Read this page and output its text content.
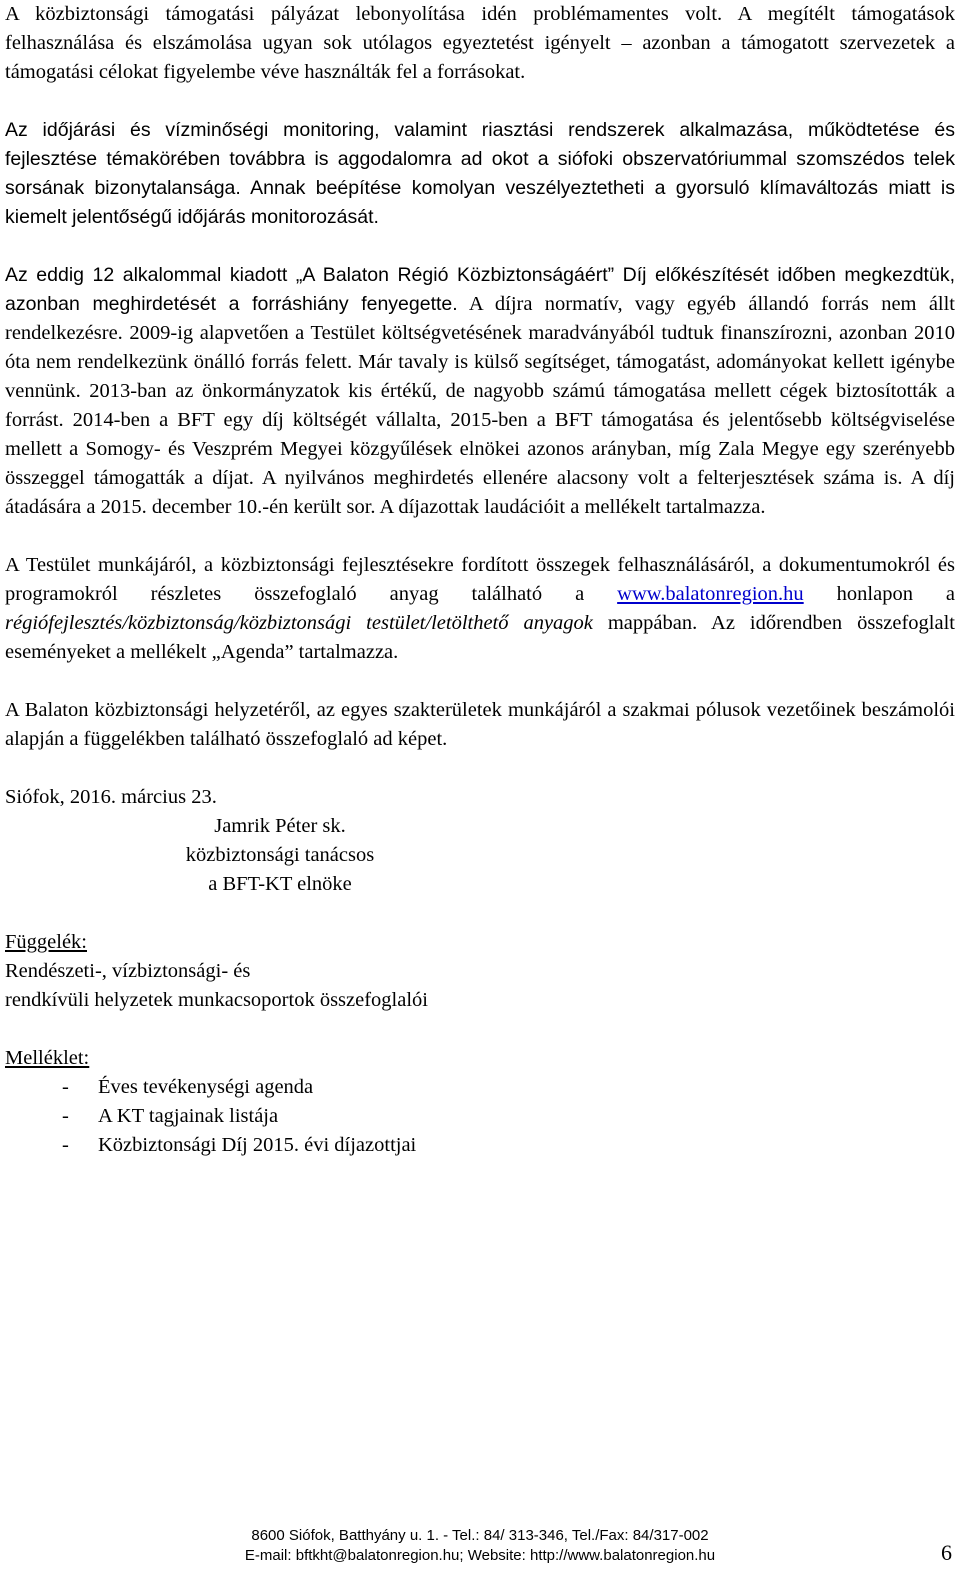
A közbiztonsági támogatási pályázat lebonyolítása idén problémamentes volt. A megítélt támogatások felhasználása és elszámolása ugyan sok utólagos egyeztetést igényelt – azonban a támogatott szervezetek a támogatási célokat figyelembe véve használták fel a forrásokat.

Az időjárási és vízminőségi monitoring, valamint riasztási rendszerek alkalmazása, működtetése és fejlesztése témakörében továbbra is aggodalomra ad okot a siófoki obszervatóriummal szomszédos telek sorsának bizonytalansága. Annak beépítése komolyan veszélyeztetheti a gyorsuló klímaváltozás miatt is kiemelt jelentőségű időjárás monitorozását.

Az eddig 12 alkalommal kiadott „A Balaton Régió Közbiztonságáért” Díj előkészítését időben megkezdtük, azonban meghirdetését a forráshiány fenyegette. A díjra normatív, vagy egyéb állandó forrás nem állt rendelkezésre. 2009-ig alapvetően a Testület költségvetésének maradványából tudtuk finanszírozni, azonban 2010 óta nem rendelkezünk önálló forrás felett. Már tavaly is külső segítséget, támogatást, adományokat kellett igénybe vennünk. 2013-ban az önkormányzatok kis értékű, de nagyobb számú támogatása mellett cégek biztosították a forrást. 2014-ben a BFT egy díj költségét vállalta, 2015-ben a BFT támogatása és jelentősebb költségviselése mellett a Somogy- és Veszprém Megyei közgyűlések elnökei azonos arányban, míg Zala Megye egy szerényebb összeggel támogatták a díjat. A nyilvános meghirdetés ellenére alacsony volt a felterjesztések száma is. A díj átadására a 2015. december 10.-én került sor. A díjazottak laudációit a mellékelt tartalmazza.

A Testület munkájáról, a közbiztonsági fejlesztésekre fordított összegek felhasználásáról, a dokumentumokról és programokról részletes összefoglaló anyag található a www.balatonregion.hu honlapon a régiófejlesztés/közbiztonság/közbiztonsági testület/letölthető anyagok mappában. Az időrendben összefoglalt eseményeket a mellékelt „Agenda” tartalmazza.

A Balaton közbiztonsági helyzetéről, az egyes szakterületek munkájáról a szakmai pólusok vezetőinek beszámolói alapján a függelékben található összefoglaló ad képet.

Siófok, 2016. március 23.

Jamrik Péter sk.
közbiztonsági tanácsos
a BFT-KT elnöke
Függelék:
Rendészeti-, vízbiztonsági- és
rendkívüli helyzetek munkacsoportok összefoglalói
Melléklet:
-	Éves tevékenységi agenda
-	A KT tagjainak listája
-	Közbiztonsági Díj 2015. évi díjazottjai
8600 Siófok, Batthyány u. 1. - Tel.: 84/ 313-346, Tel./Fax: 84/317-002
E-mail: bftkht@balatonregion.hu; Website: http://www.balatonregion.hu	6
